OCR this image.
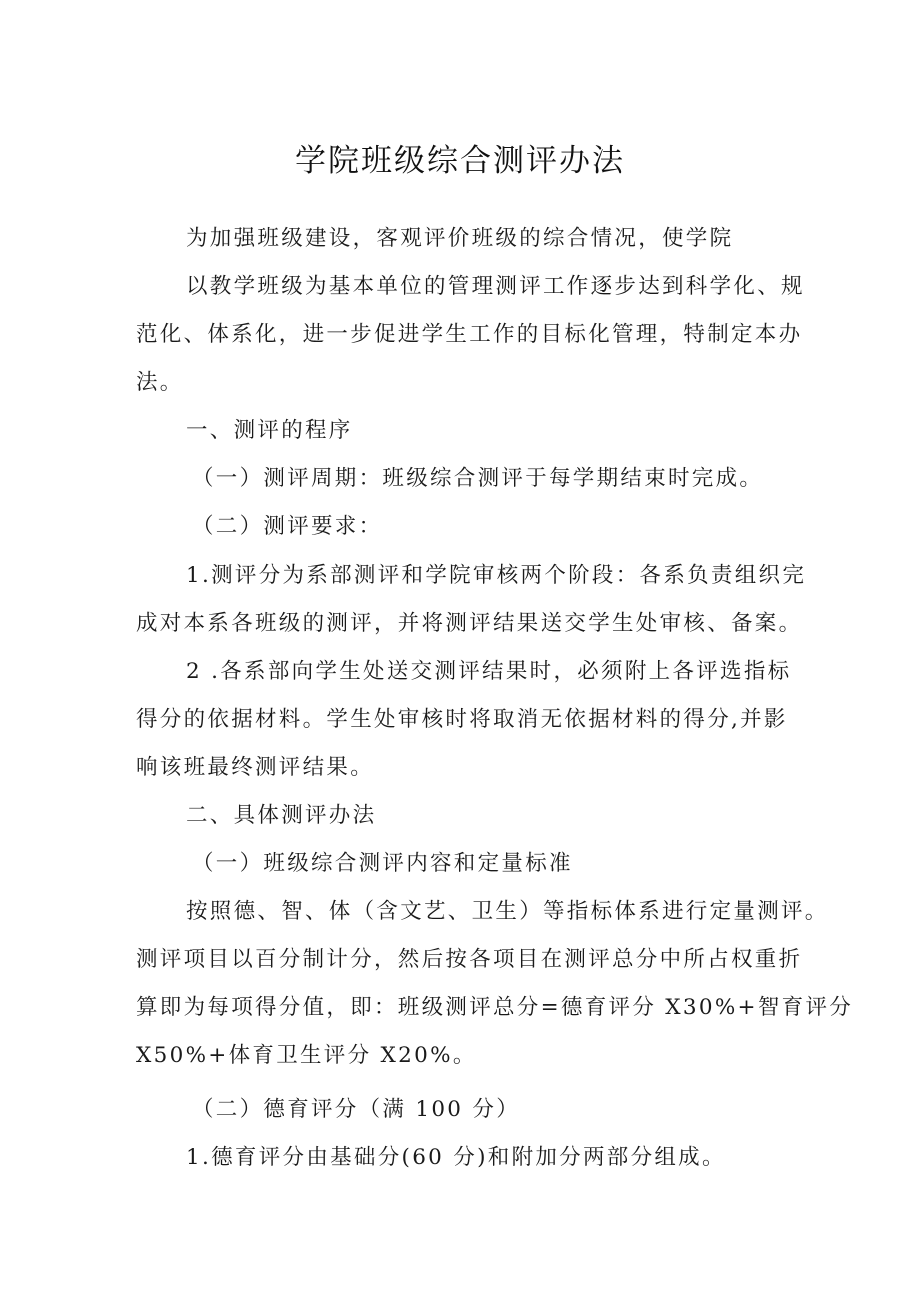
学院班级综合测评办法
为加强班级建设，客观评价班级的综合情况，使学院
以教学班级为基本单位的管理测评工作逐步达到科学化、规
范化、体系化，进一步促进学生工作的目标化管理，特制定本办
法。
一、测评的程序
（一）测评周期：班级综合测评于每学期结束时完成。
（二）测评要求：
1.测评分为系部测评和学院审核两个阶段：各系负责组织完
成对本系各班级的测评，并将测评结果送交学生处审核、备案。
2 .各系部向学生处送交测评结果时，必须附上各评选指标
得分的依据材料。学生处审核时将取消无依据材料的得分,并影
响该班最终测评结果。
二、具体测评办法
（一）班级综合测评内容和定量标准
按照德、智、体（含文艺、卫生）等指标体系进行定量测评。
测评项目以百分制计分，然后按各项目在测评总分中所占权重折
算即为每项得分值，即：班级测评总分=德育评分 X30%+智育评分
X50%+体育卫生评分 X20%。
（二）德育评分（满 100 分）
1.德育评分由基础分(60 分)和附加分两部分组成。
